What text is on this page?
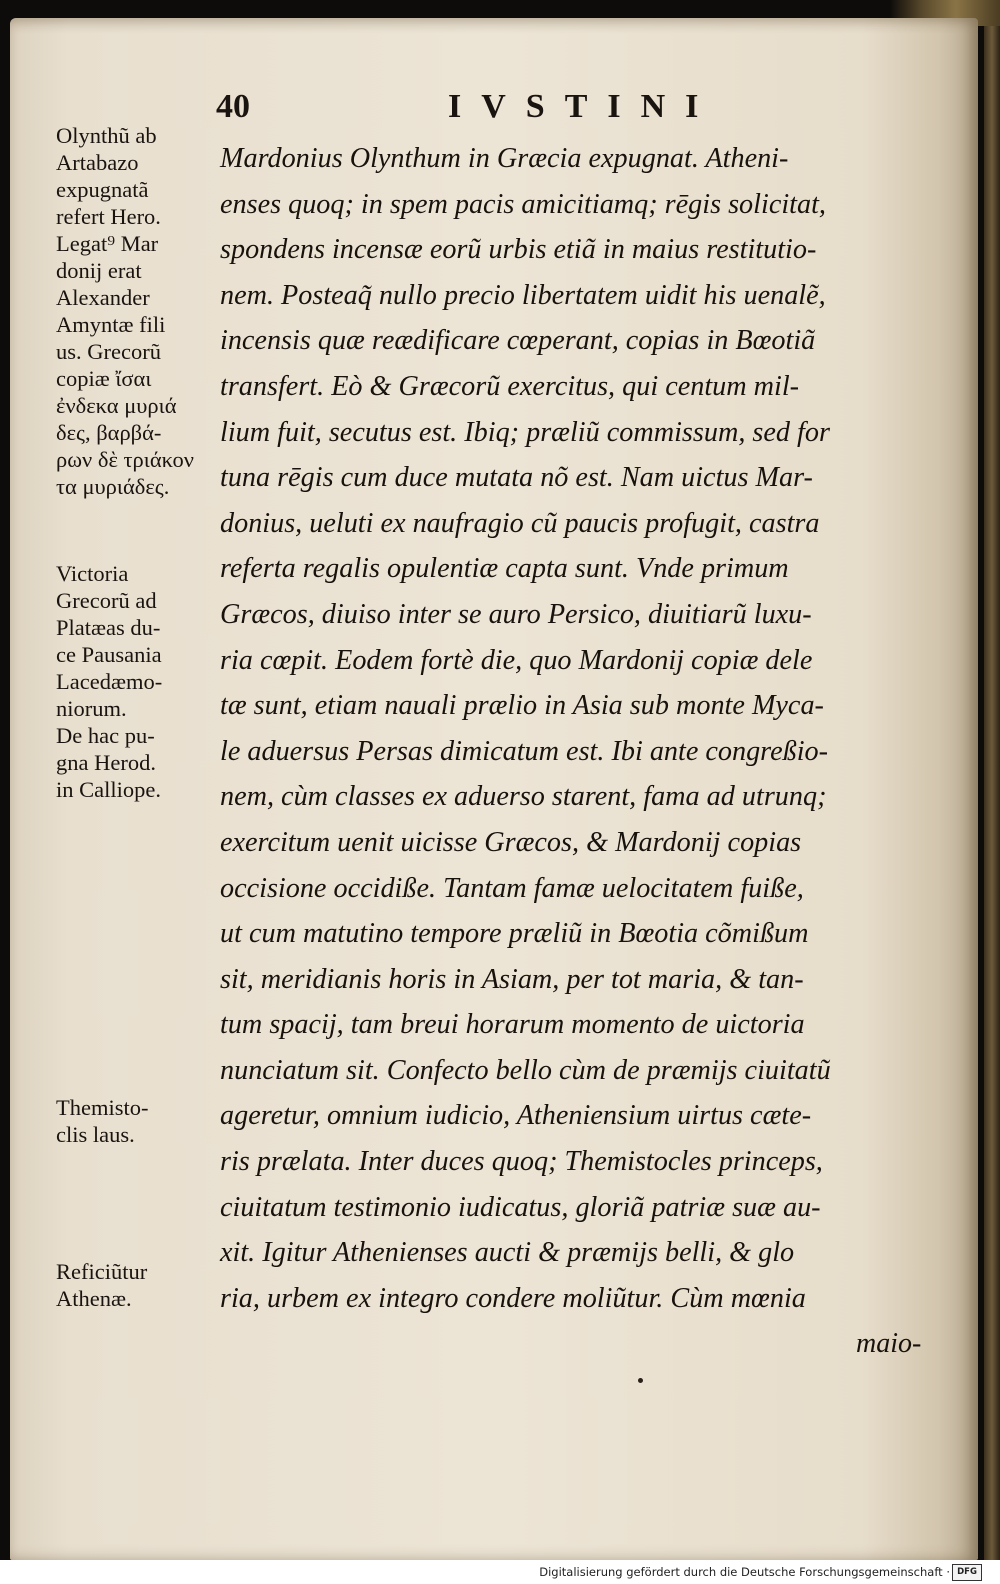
40	IVSTINI
Olynthũ ab
Artabazo
expugnatã
refert Hero.
Legat⁹ Mar
donij erat
Alexander
Amyntæ fili
us. Grecorũ
copiæ ἴσαι
ἐνδεκα μυριά
δες, βαρβά-
ρων δὲ τριάκον
τα μυριάδες.
Victoria
Grecorũ ad
Platæas du-
ce Pausania
Lacedæmo-
niorum.
De hac pu-
gna Herod.
in Calliope.
Themisto-
clis laus.
Reficiũtur
Athenæ.
Mardonius Olynthum in Græcia expugnat. Atheni-
enses quoq; in spem pacis amicitiamq; rēgis solicitat,
spondens incensæ eorũ urbis etiã in maius restitutio-
nem. Posteaq̃ nullo precio libertatem uidit his uenalẽ,
incensis quæ reædificare cœperant, copias in Bœotiã
transfert. Eò & Græcorũ exercitus, qui centum mil-
lium fuit, secutus est. Ibiq; præliũ commissum, sed for
tuna rēgis cum duce mutata nõ est. Nam uictus Mar-
donius, ueluti ex naufragio cũ paucis profugit, castra
referta regalis opulentiæ capta sunt. Vnde primum
Græcos, diuiso inter se auro Persico, diuitiarũ luxu-
ria cœpit. Eodem fortè die, quo Mardonij copiæ dele
tæ sunt, etiam nauali prælio in Asia sub monte Myca-
le aduersus Persas dimicatum est. Ibi ante congreßio-
nem, cùm classes ex aduerso starent, fama ad utrunq;
exercitum uenit uicisse Græcos, & Mardonij copias
occisione occidiße. Tantam famæ uelocitatem fuiße,
ut cum matutino tempore præliũ in Bœotia cõmißum
sit, meridianis horis in Asiam, per tot maria, & tan-
tum spacij, tam breui horarum momento de uictoria
nunciatum sit. Confecto bello cùm de præmijs ciuitatũ
ageretur, omnium iudicio, Atheniensium uirtus cæte-
ris prælata. Inter duces quoq; Themistocles princeps,
ciuitatum testimonio iudicatus, gloriã patriæ suæ au-
xit. Igitur Athenienses aucti & præmijs belli, & glo
ria, urbem ex integro condere moliũtur. Cùm mœnia
maio-
Digitalisierung gefördert durch die Deutsche Forschungsgemeinschaft · DFG
